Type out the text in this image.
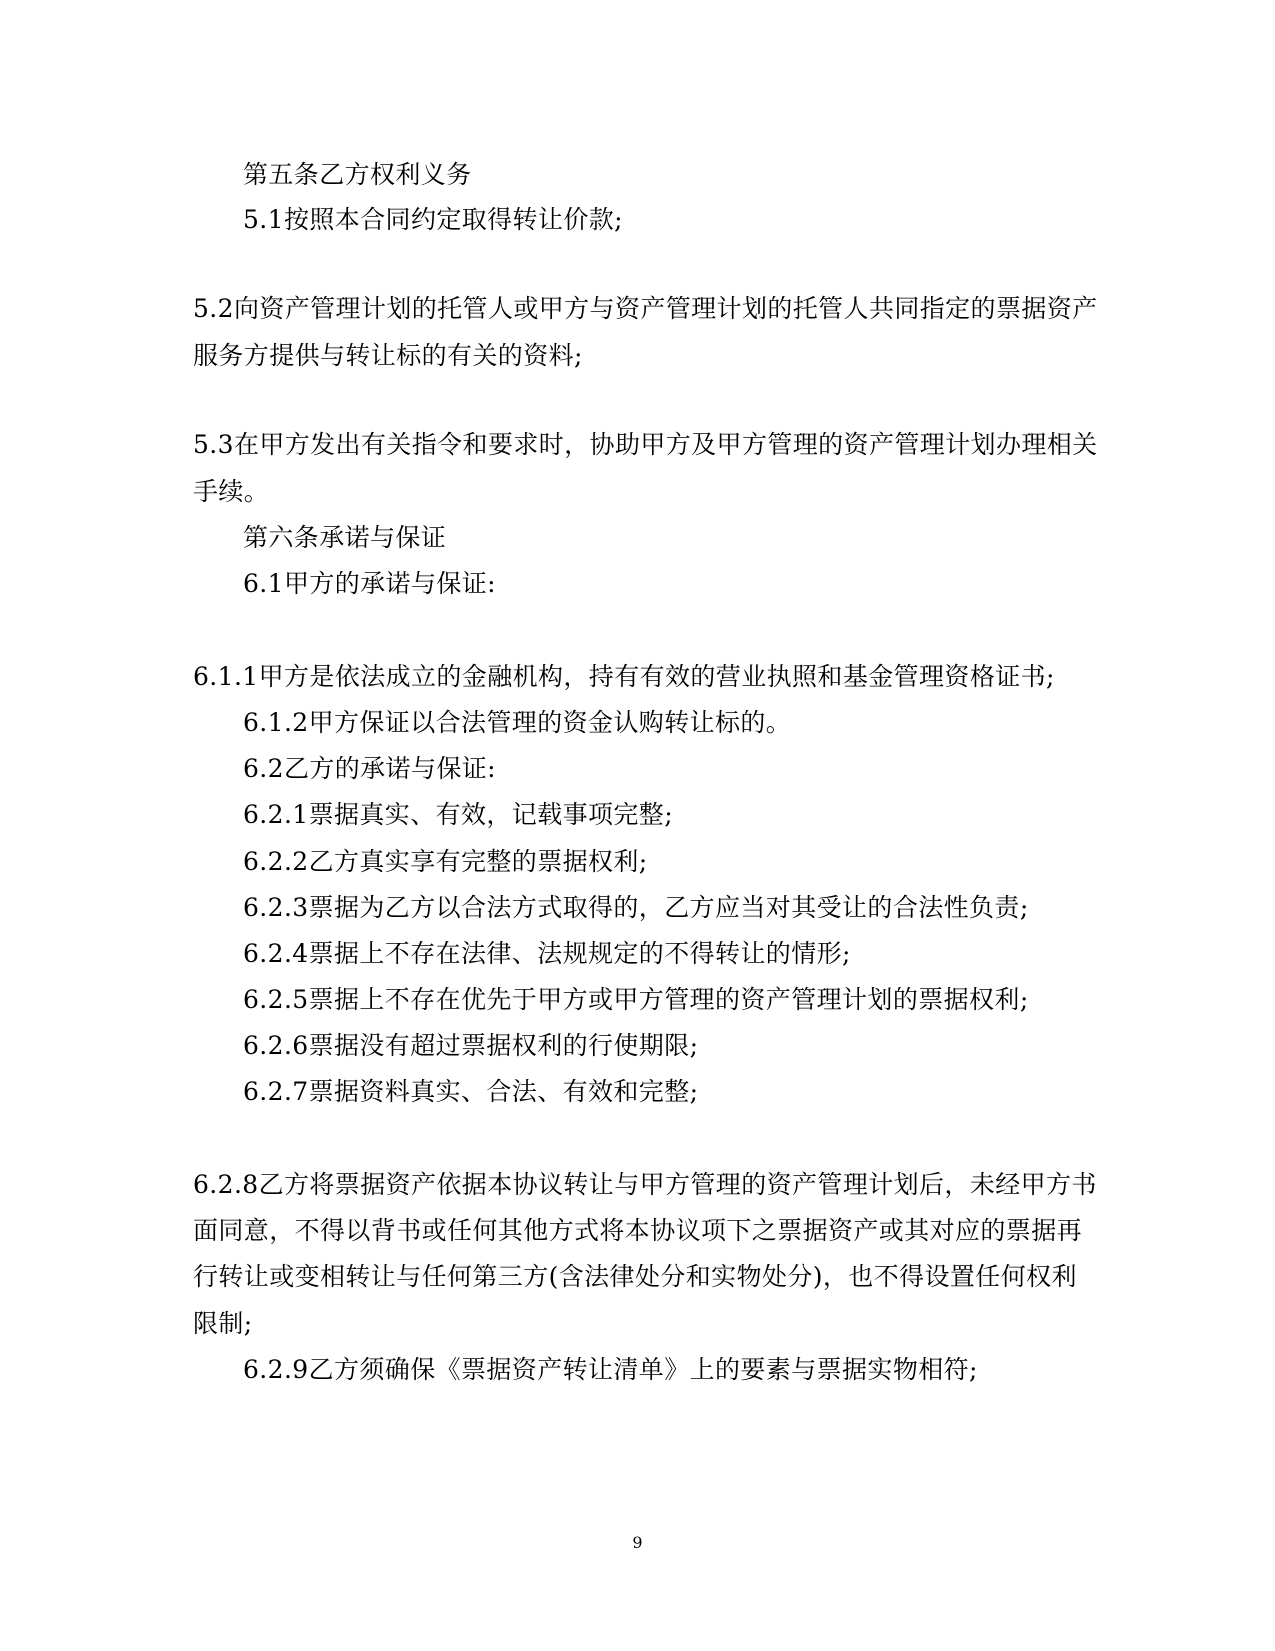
第五条乙方权利义务
5.1按照本合同约定取得转让价款;
5.2向资产管理计划的托管人或甲方与资产管理计划的托管人共同指定的票据资产
服务方提供与转让标的有关的资料;
5.3在甲方发出有关指令和要求时，协助甲方及甲方管理的资产管理计划办理相关
手续。
第六条承诺与保证
6.1甲方的承诺与保证:
6.1.1甲方是依法成立的金融机构，持有有效的营业执照和基金管理资格证书;
6.1.2甲方保证以合法管理的资金认购转让标的。
6.2乙方的承诺与保证:
6.2.1票据真实、有效，记载事项完整;
6.2.2乙方真实享有完整的票据权利;
6.2.3票据为乙方以合法方式取得的，乙方应当对其受让的合法性负责;
6.2.4票据上不存在法律、法规规定的不得转让的情形;
6.2.5票据上不存在优先于甲方或甲方管理的资产管理计划的票据权利;
6.2.6票据没有超过票据权利的行使期限;
6.2.7票据资料真实、合法、有效和完整;
6.2.8乙方将票据资产依据本协议转让与甲方管理的资产管理计划后，未经甲方书
面同意，不得以背书或任何其他方式将本协议项下之票据资产或其对应的票据再
行转让或变相转让与任何第三方(含法律处分和实物处分)，也不得设置任何权利
限制;
6.2.9乙方须确保《票据资产转让清单》上的要素与票据实物相符;
9
